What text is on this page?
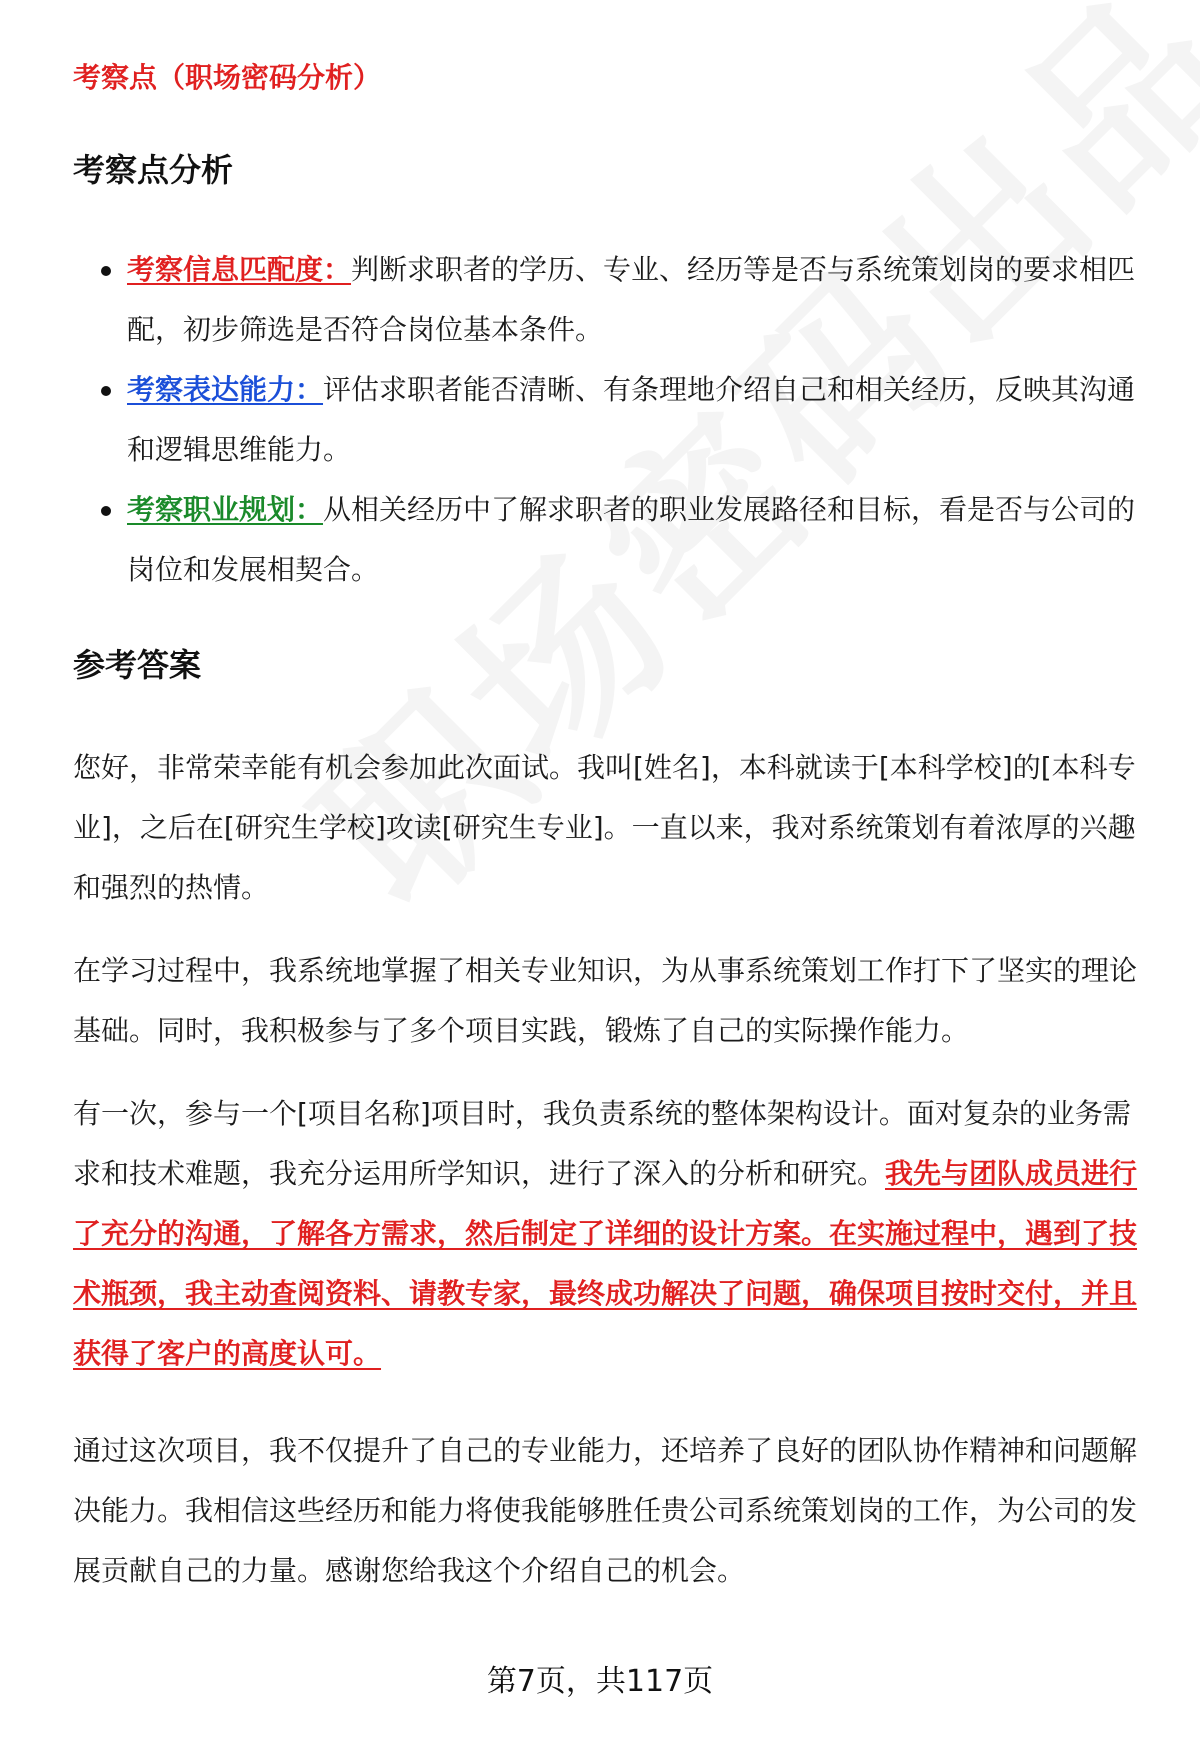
考察点（职场密码分析）
考察点分析
考察信息匹配度：判断求职者的学历、专业、经历等是否与系统策划岗的要求相匹配，初步筛选是否符合岗位基本条件。
考察表达能力：评估求职者能否清晰、有条理地介绍自己和相关经历，反映其沟通和逻辑思维能力。
考察职业规划：从相关经历中了解求职者的职业发展路径和目标，看是否与公司的岗位和发展相契合。
参考答案

您好，非常荣幸能有机会参加此次面试。我叫[姓名]，本科就读于[本科学校]的[本科专业]，之后在[研究生学校]攻读[研究生专业]。一直以来，我对系统策划有着浓厚的兴趣和强烈的热情。

在学习过程中，我系统地掌握了相关专业知识，为从事系统策划工作打下了坚实的理论基础。同时，我积极参与了多个项目实践，锻炼了自己的实际操作能力。

有一次，参与一个[项目名称]项目时，我负责系统的整体架构设计。面对复杂的业务需求和技术难题，我充分运用所学知识，进行了深入的分析和研究。我先与团队成员进行了充分的沟通，了解各方需求，然后制定了详细的设计方案。在实施过程中，遇到了技术瓶颈，我主动查阅资料、请教专家，最终成功解决了问题，确保项目按时交付，并且获得了客户的高度认可。

通过这次项目，我不仅提升了自己的专业能力，还培养了良好的团队协作精神和问题解决能力。我相信这些经历和能力将使我能够胜任贵公司系统策划岗的工作，为公司的发展贡献自己的力量。感谢您给我这个介绍自己的机会。

第7页，共117页
